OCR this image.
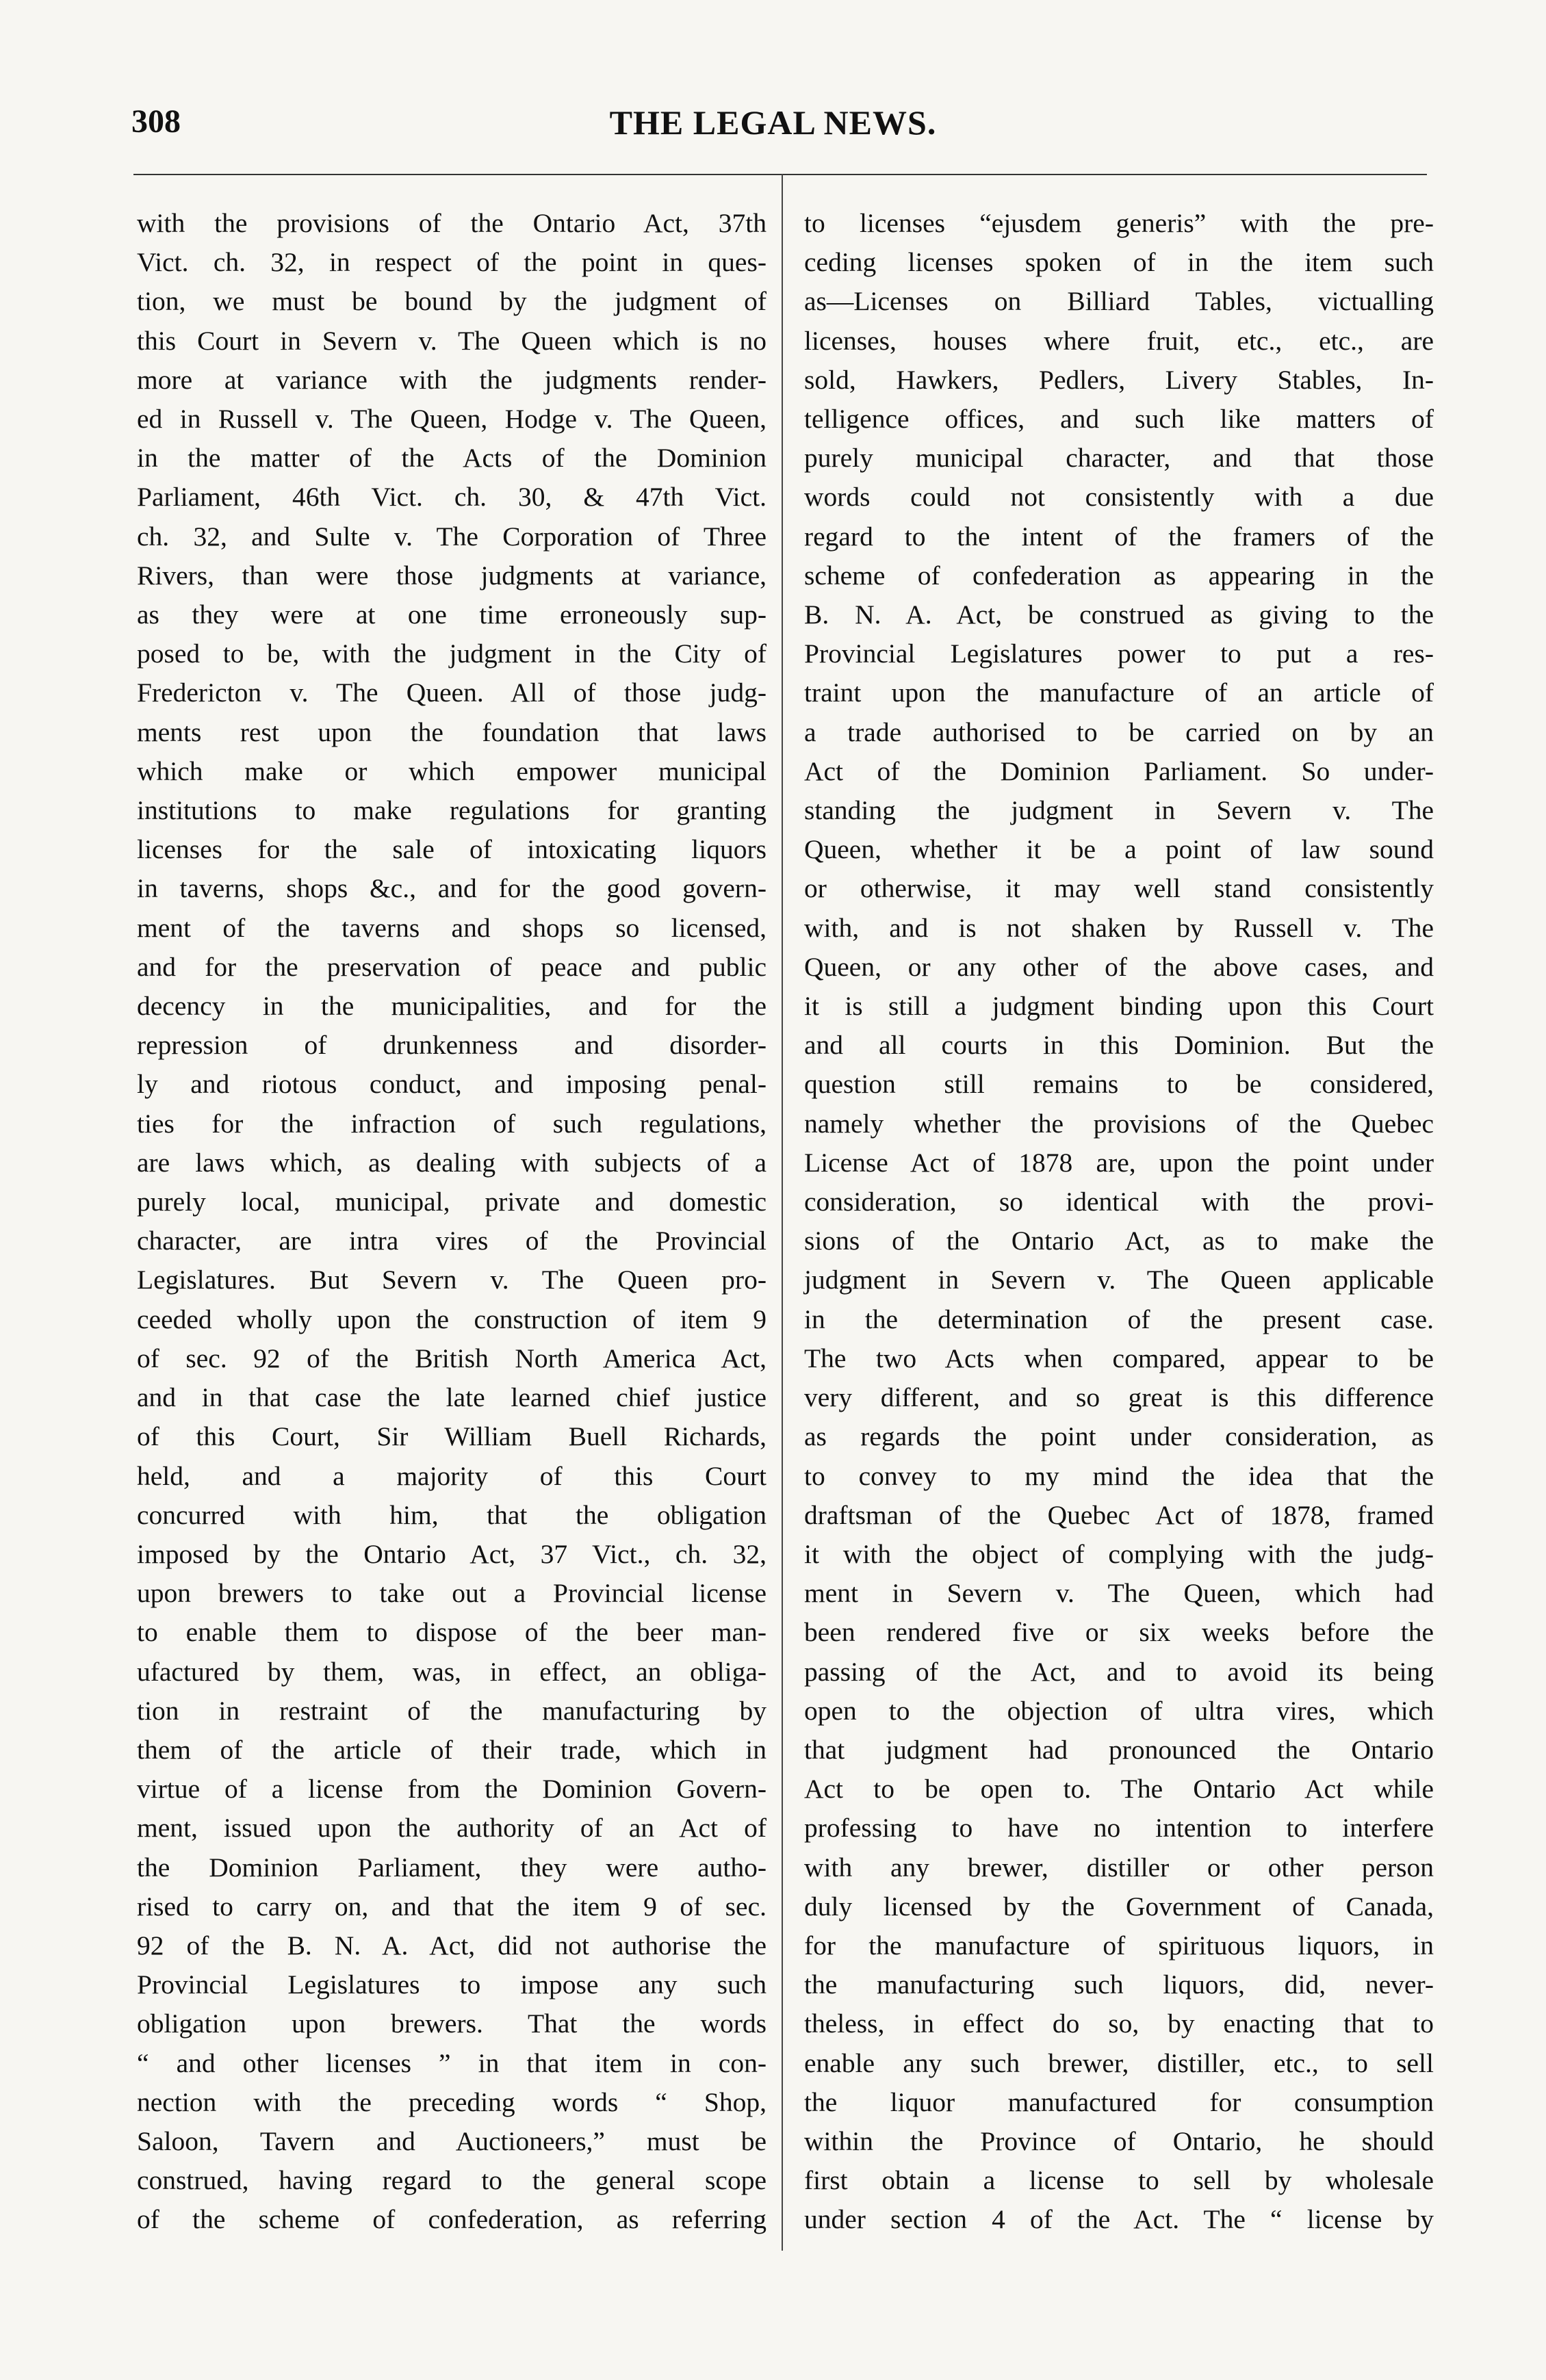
308	THE LEGAL NEWS.
with the provisions of the Ontario Act, 37th
Vict. ch. 32, in respect of the point in ques-
tion, we must be bound by the judgment of
this Court in Severn v. The Queen which is no
more at variance with the judgments render-
ed in Russell v. The Queen, Hodge v. The Queen,
in the matter of the Acts of the Dominion
Parliament, 46th Vict. ch. 30, & 47th Vict.
ch. 32, and Sulte v. The Corporation of Three
Rivers, than were those judgments at variance,
as they were at one time erroneously sup-
posed to be, with the judgment in the City of
Fredericton v. The Queen. All of those judg-
ments rest upon the foundation that laws
which make or which empower municipal
institutions to make regulations for granting
licenses for the sale of intoxicating liquors
in taverns, shops &c., and for the good govern-
ment of the taverns and shops so licensed,
and for the preservation of peace and public
decency in the municipalities, and for the
repression of drunkenness and disorder-
ly and riotous conduct, and imposing penal-
ties for the infraction of such regulations,
are laws which, as dealing with subjects of a
purely local, municipal, private and domestic
character, are intra vires of the Provincial
Legislatures. But Severn v. The Queen pro-
ceeded wholly upon the construction of item 9
of sec. 92 of the British North America Act,
and in that case the late learned chief justice
of this Court, Sir William Buell Richards,
held, and a majority of this Court
concurred with him, that the obligation
imposed by the Ontario Act, 37 Vict., ch. 32,
upon brewers to take out a Provincial license
to enable them to dispose of the beer man-
ufactured by them, was, in effect, an obliga-
tion in restraint of the manufacturing by
them of the article of their trade, which in
virtue of a license from the Dominion Govern-
ment, issued upon the authority of an Act of
the Dominion Parliament, they were autho-
rised to carry on, and that the item 9 of sec.
92 of the B. N. A. Act, did not authorise the
Provincial Legislatures to impose any such
obligation upon brewers. That the words
“ and other licenses ” in that item in con-
nection with the preceding words “ Shop,
Saloon, Tavern and Auctioneers,” must be
construed, having regard to the general scope
of the scheme of confederation, as referring
to licenses “ejusdem generis” with the pre-
ceding licenses spoken of in the item such
as—Licenses on Billiard Tables, victualling
licenses, houses where fruit, etc., etc., are
sold, Hawkers, Pedlers, Livery Stables, In-
telligence offices, and such like matters of
purely municipal character, and that those
words could not consistently with a due
regard to the intent of the framers of the
scheme of confederation as appearing in the
B. N. A. Act, be construed as giving to the
Provincial Legislatures power to put a res-
traint upon the manufacture of an article of
a trade authorised to be carried on by an
Act of the Dominion Parliament. So under-
standing the judgment in Severn v. The
Queen, whether it be a point of law sound
or otherwise, it may well stand consistently
with, and is not shaken by Russell v. The
Queen, or any other of the above cases, and
it is still a judgment binding upon this Court
and all courts in this Dominion. But the
question still remains to be considered,
namely whether the provisions of the Quebec
License Act of 1878 are, upon the point under
consideration, so identical with the provi-
sions of the Ontario Act, as to make the
judgment in Severn v. The Queen applicable
in the determination of the present case.
The two Acts when compared, appear to be
very different, and so great is this difference
as regards the point under consideration, as
to convey to my mind the idea that the
draftsman of the Quebec Act of 1878, framed
it with the object of complying with the judg-
ment in Severn v. The Queen, which had
been rendered five or six weeks before the
passing of the Act, and to avoid its being
open to the objection of ultra vires, which
that judgment had pronounced the Ontario
Act to be open to. The Ontario Act while
professing to have no intention to interfere
with any brewer, distiller or other person
duly licensed by the Government of Canada,
for the manufacture of spirituous liquors, in
the manufacturing such liquors, did, never-
theless, in effect do so, by enacting that to
enable any such brewer, distiller, etc., to sell
the liquor manufactured for consumption
within the Province of Ontario, he should
first obtain a license to sell by wholesale
under section 4 of the Act. The “ license by
